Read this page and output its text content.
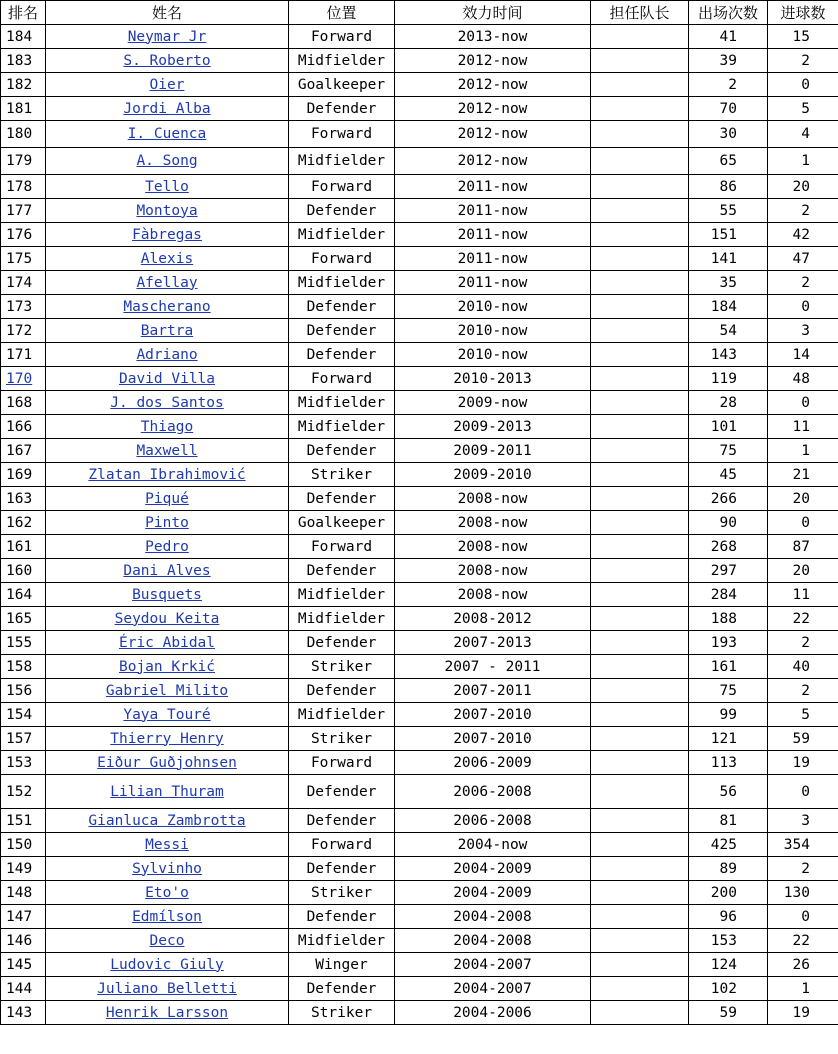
排名	姓名	位置	效力时间	担任队长	出场次数	进球数
184	Neymar Jr	Forward	2013-now		41	15
183	S. Roberto	Midfielder	2012-now		39	2
182	Oier	Goalkeeper	2012-now		2	0
181	Jordi Alba	Defender	2012-now		70	5
180	I. Cuenca	Forward	2012-now		30	4
179	A. Song	Midfielder	2012-now		65	1
178	Tello	Forward	2011-now		86	20
177	Montoya	Defender	2011-now		55	2
176	Fàbregas	Midfielder	2011-now		151	42
175	Alexis	Forward	2011-now		141	47
174	Afellay	Midfielder	2011-now		35	2
173	Mascherano	Defender	2010-now		184	0
172	Bartra	Defender	2010-now		54	3
171	Adriano	Defender	2010-now		143	14
170	David Villa	Forward	2010-2013		119	48
168	J. dos Santos	Midfielder	2009-now		28	0
166	Thiago	Midfielder	2009-2013		101	11
167	Maxwell	Defender	2009-2011		75	1
169	Zlatan Ibrahimović	Striker	2009-2010		45	21
163	Piqué	Defender	2008-now		266	20
162	Pinto	Goalkeeper	2008-now		90	0
161	Pedro	Forward	2008-now		268	87
160	Dani Alves	Defender	2008-now		297	20
164	Busquets	Midfielder	2008-now		284	11
165	Seydou Keita	Midfielder	2008-2012		188	22
155	Éric Abidal	Defender	2007-2013		193	2
158	Bojan Krkić	Striker	2007 - 2011		161	40
156	Gabriel Milito	Defender	2007-2011		75	2
154	Yaya Touré	Midfielder	2007-2010		99	5
157	Thierry Henry	Striker	2007-2010		121	59
153	Eiður Guðjohnsen	Forward	2006-2009		113	19
152	Lilian Thuram	Defender	2006-2008		56	0
151	Gianluca Zambrotta	Defender	2006-2008		81	3
150	Messi	Forward	2004-now		425	354
149	Sylvinho	Defender	2004-2009		89	2
148	Eto'o	Striker	2004-2009		200	130
147	Edmílson	Defender	2004-2008		96	0
146	Deco	Midfielder	2004-2008		153	22
145	Ludovic Giuly	Winger	2004-2007		124	26
144	Juliano Belletti	Defender	2004-2007		102	1
143	Henrik Larsson	Striker	2004-2006		59	19
